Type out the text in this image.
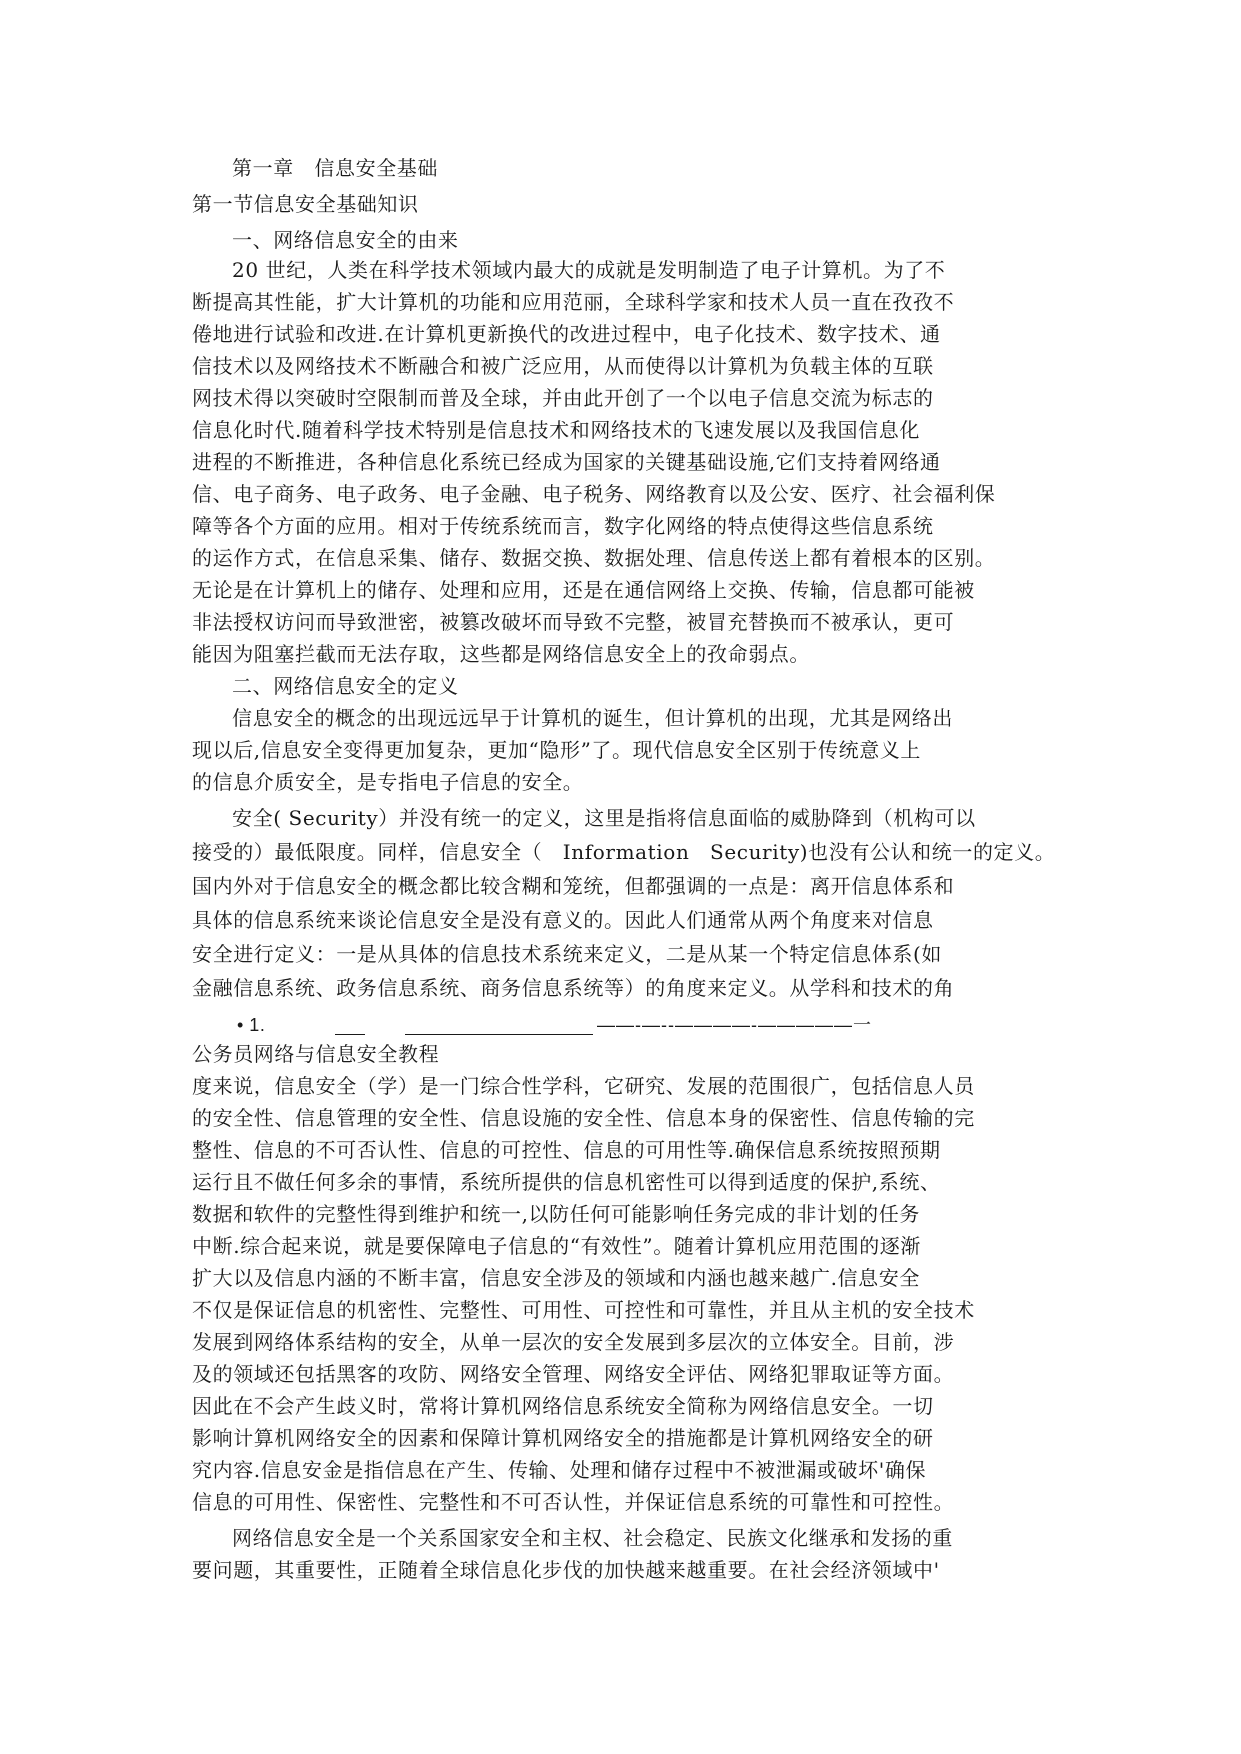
第一章　信息安全基础
第一节信息安全基础知识
一、网络信息安全的由来
20 世纪，人类在科学技术领域内最大的成就是发明制造了电子计算机。为了不
断提高其性能，扩大计算机的功能和应用范丽，全球科学家和技术人员一直在孜孜不
倦地进行试验和改进.在计算机更新换代的改进过程中，电子化技术、数字技术、通
信技术以及网络技术不断融合和被广泛应用，从而使得以计算机为负载主体的互联
网技术得以突破时空限制而普及全球，并由此开创了一个以电子信息交流为标志的
信息化时代.随着科学技术特别是信息技术和网络技术的飞速发展以及我国信息化
进程的不断推进，各种信息化系统已经成为国家的关键基础设施,它们支持着网络通
信、电子商务、电子政务、电子金融、电子税务、网络教育以及公安、医疗、社会福利保
障等各个方面的应用。相对于传统系统而言，数字化网络的特点使得这些信息系统
的运作方式，在信息采集、储存、数据交换、数据处理、信息传送上都有着根本的区别。
无论是在计算机上的储存、处理和应用，还是在通信网络上交换、传输，信息都可能被
非法授权访问而导致泄密，被篡改破坏而导致不完整，被冒充替换而不被承认，更可
能因为阻塞拦截而无法存取，这些都是网络信息安全上的孜命弱点。
二、网络信息安全的定义
信息安全的概念的出现远远早于计算机的诞生，但计算机的出现，尤其是网络出
现以后,信息安全变得更加复杂，更加“隐形”了。现代信息安全区别于传统意义上
的信息介质安全，是专指电子信息的安全。
安全( Security）并没有统一的定义，这里是指将信息面临的威胁降到（机构可以
接受的）最低限度。同样，信息安全（　Information　Security)也没有公认和统一的定义。
国内外对于信息安全的概念都比较含糊和笼统，但都强调的一点是：离开信息体系和
具体的信息系统来谈论信息安全是没有意义的。因此人们通常从两个角度来对信息
安全进行定义：一是从具体的信息技术系统来定义，二是从某一个特定信息体系(如
金融信息系统、政务信息系统、商务信息系统等）的角度来定义。从学科和技术的角
• 1.	——-—--————-—————一
公务员网络与信息安全教程
度来说，信息安全（学）是一门综合性学科，它研究、发展的范围很广，包括信息人员
的安全性、信息管理的安全性、信息设施的安全性、信息本身的保密性、信息传输的完
整性、信息的不可否认性、信息的可控性、信息的可用性等.确保信息系统按照预期
运行且不做任何多余的事情，系统所提供的信息机密性可以得到适度的保护,系统、
数据和软件的完整性得到维护和统一,以防任何可能影响任务完成的非计划的任务
中断.综合起来说，就是要保障电子信息的“有效性”。随着计算机应用范围的逐渐
扩大以及信息内涵的不断丰富，信息安全涉及的领域和内涵也越来越广.信息安全
不仅是保证信息的机密性、完整性、可用性、可控性和可靠性，并且从主机的安全技术
发展到网络体系结构的安全，从单一层次的安全发展到多层次的立体安全。目前，涉
及的领域还包括黑客的攻防、网络安全管理、网络安全评估、网络犯罪取证等方面。
因此在不会产生歧义时，常将计算机网络信息系统安全简称为网络信息安全。一切
影响计算机网络安全的因素和保障计算机网络安全的措施都是计算机网络安全的研
究内容.信息安金是指信息在产生、传输、处理和储存过程中不被泄漏或破坏'确保
信息的可用性、保密性、完整性和不可否认性，并保证信息系统的可靠性和可控性。
网络信息安全是一个关系国家安全和主权、社会稳定、民族文化继承和发扬的重
要问题，其重要性，正随着全球信息化步伐的加快越来越重要。在社会经济领域中'
